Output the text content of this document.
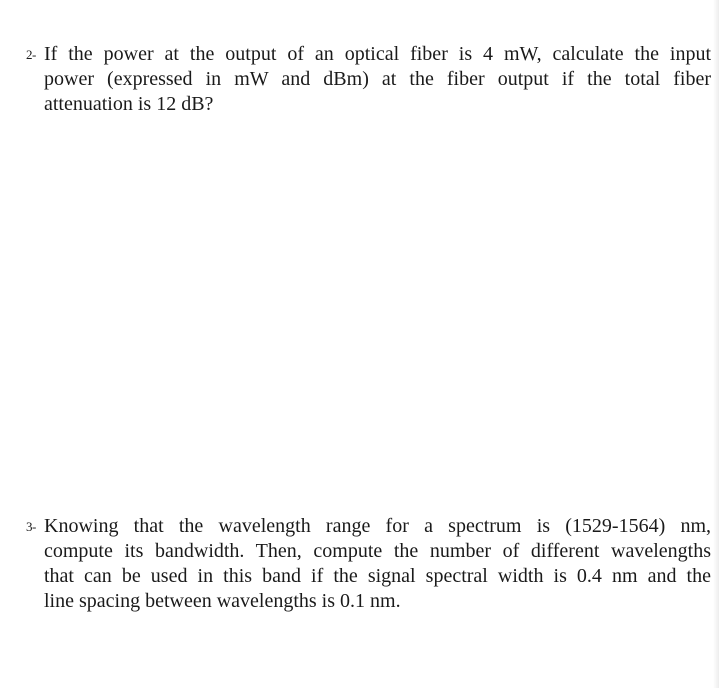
2- If the power at the output of an optical fiber is 4 mW, calculate the input
power (expressed in mW and dBm) at the fiber output if the total fiber
attenuation is 12 dB?
3- Knowing that the wavelength range for a spectrum is (1529-1564) nm,
compute its bandwidth. Then, compute the number of different wavelengths
that can be used in this band if the signal spectral width is 0.4 nm and the
line spacing between wavelengths is 0.1 nm.
